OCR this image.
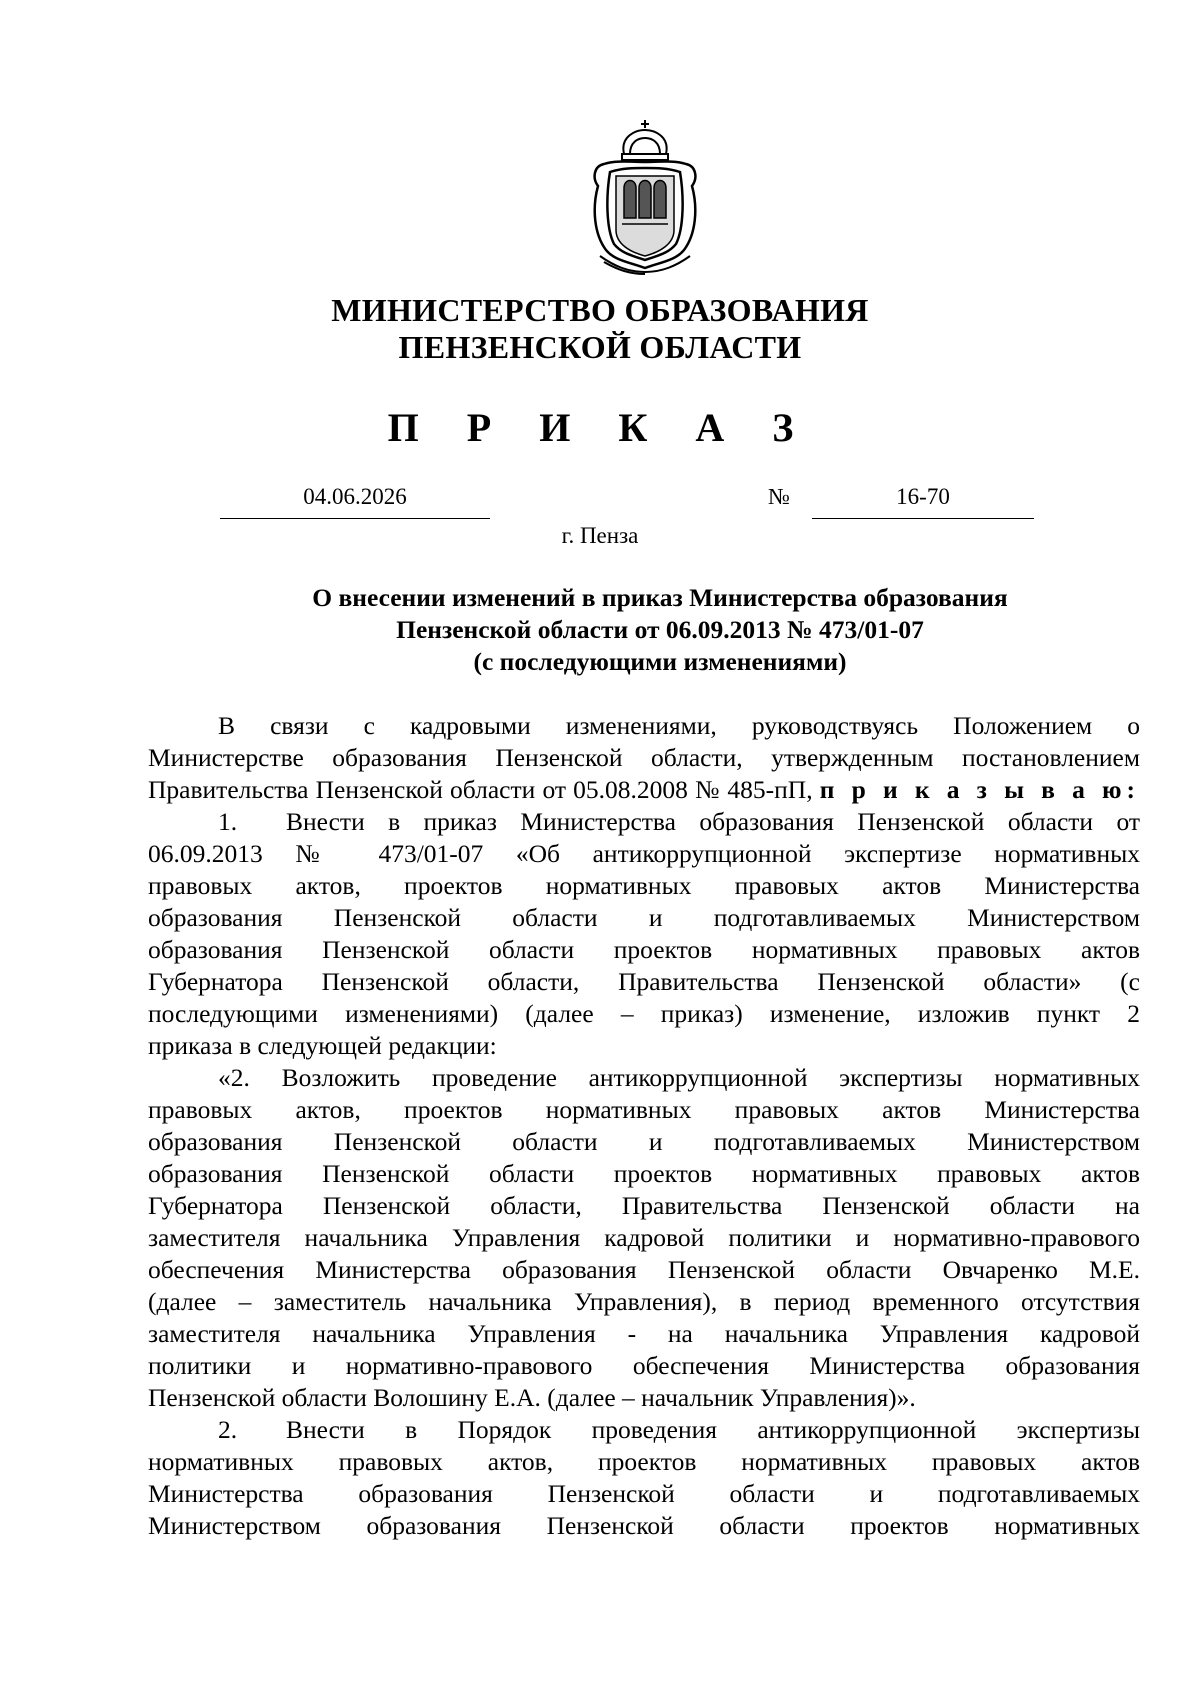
МИНИСТЕРСТВО ОБРАЗОВАНИЯ
ПЕНЗЕНСКОЙ ОБЛАСТИ
П Р И К А З
04.06.2026	№	16-70
г. Пенза
О внесении изменений в приказ Министерства образования
Пензенской области от 06.09.2013 № 473/01-07
(с последующими изменениями)
В связи с кадровыми изменениями, руководствуясь Положением о
Министерстве образования Пензенской области, утвержденным постановлением
Правительства Пензенской области от 05.08.2008 № 485-пП, п р и к а з ы в а ю:
1. Внести в приказ Министерства образования Пензенской области от
06.09.2013 № 473/01-07 «Об антикоррупционной экспертизе нормативных
правовых актов, проектов нормативных правовых актов Министерства
образования Пензенской области и подготавливаемых Министерством
образования Пензенской области проектов нормативных правовых актов
Губернатора Пензенской области, Правительства Пензенской области» (с
последующими изменениями) (далее – приказ) изменение, изложив пункт 2
приказа в следующей редакции:
«2. Возложить проведение антикоррупционной экспертизы нормативных
правовых актов, проектов нормативных правовых актов Министерства
образования Пензенской области и подготавливаемых Министерством
образования Пензенской области проектов нормативных правовых актов
Губернатора Пензенской области, Правительства Пензенской области на
заместителя начальника Управления кадровой политики и нормативно-правового
обеспечения Министерства образования Пензенской области Овчаренко М.Е.
(далее – заместитель начальника Управления), в период временного отсутствия
заместителя начальника Управления - на начальника Управления кадровой
политики и нормативно-правового обеспечения Министерства образования
Пензенской области Волошину Е.А. (далее – начальник Управления)».
2. Внести в Порядок проведения антикоррупционной экспертизы
нормативных правовых актов, проектов нормативных правовых актов
Министерства образования Пензенской области и подготавливаемых
Министерством образования Пензенской области проектов нормативных
